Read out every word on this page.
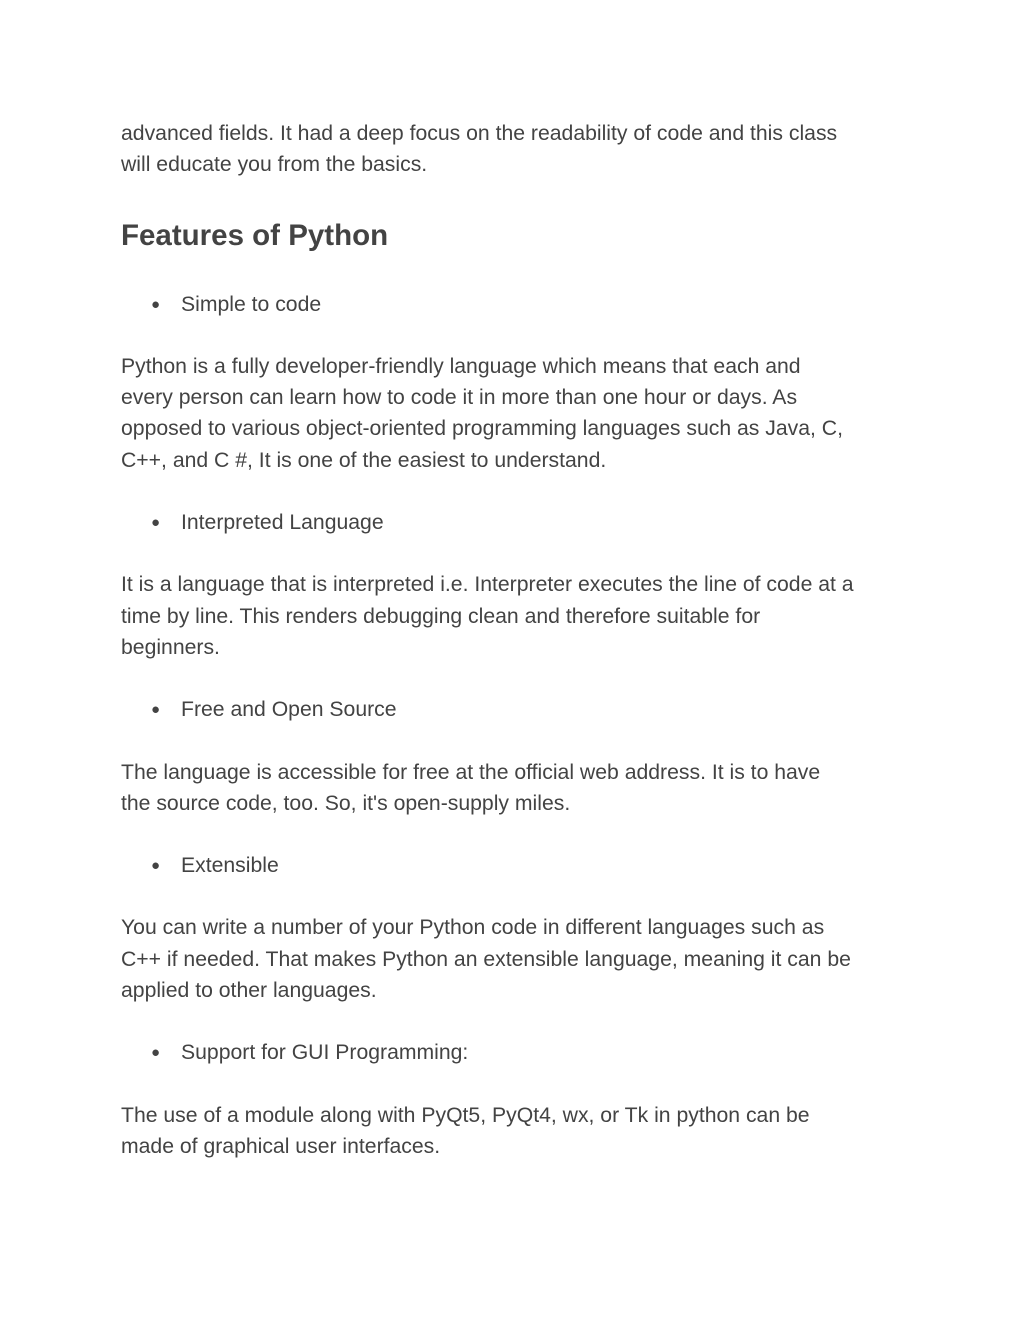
advanced fields. It had a deep focus on the readability of code and this class
will educate you from the basics.

Features of Python
● Simple to code

Python is a fully developer-friendly language which means that each and
every person can learn how to code it in more than one hour or days. As
opposed to various object-oriented programming languages such as Java, C,
C++, and C #, It is one of the easiest to understand.

● Interpreted Language

It is a language that is interpreted i.e. Interpreter executes the line of code at a
time by line. This renders debugging clean and therefore suitable for
beginners.

● Free and Open Source

The language is accessible for free at the official web address. It is to have
the source code, too. So, it's open-supply miles.

● Extensible

You can write a number of your Python code in different languages such as
C++ if needed. That makes Python an extensible language, meaning it can be
applied to other languages.

● Support for GUI Programming:

The use of a module along with PyQt5, PyQt4, wx, or Tk in python can be
made of graphical user interfaces.
